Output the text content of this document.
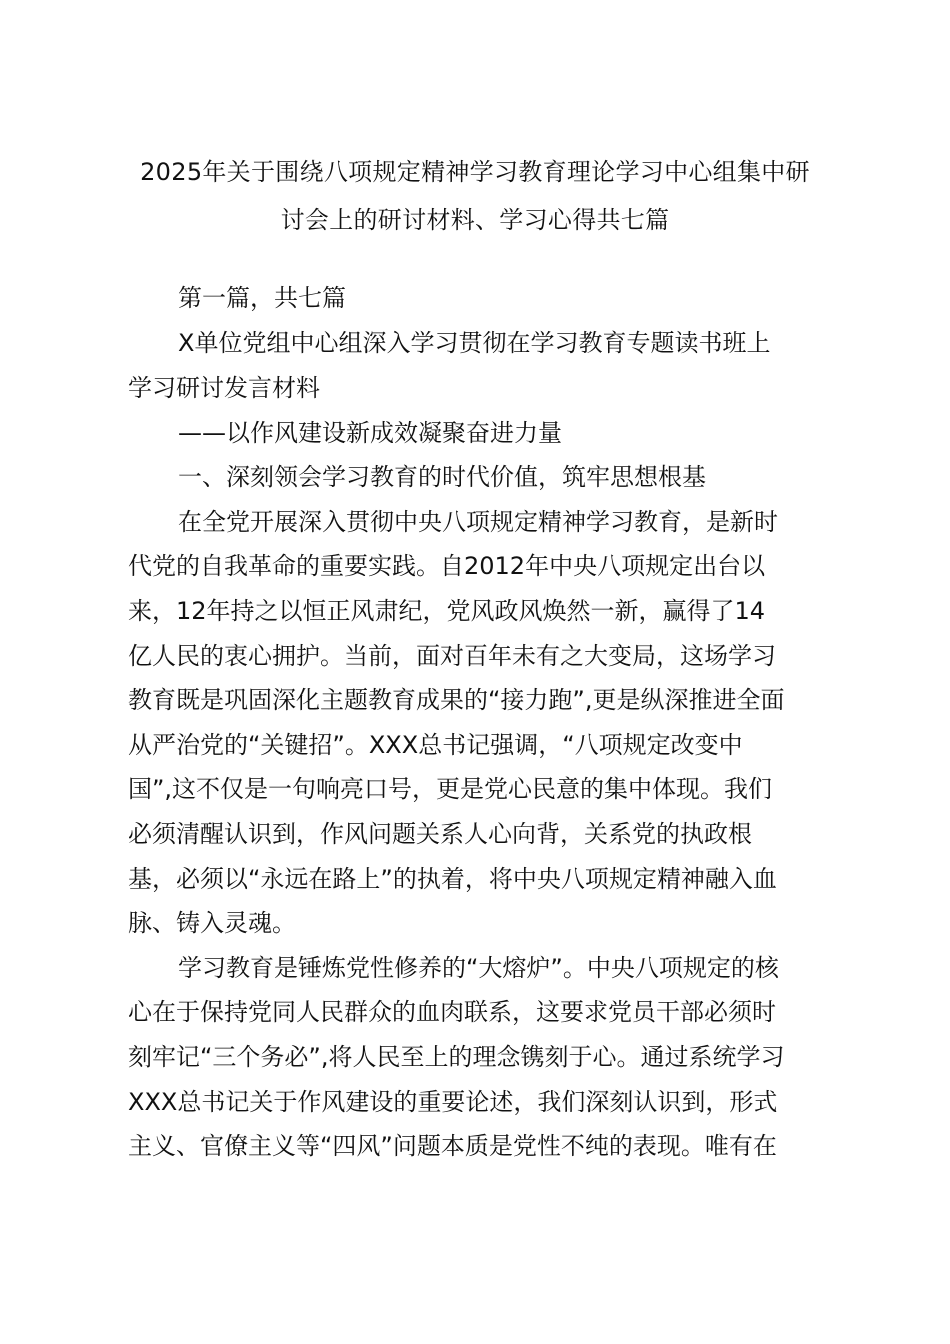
2025年关于围绕八项规定精神学习教育理论学习中心组集中研
讨会上的研讨材料、学习心得共七篇
第一篇，共七篇
X单位党组中心组深入学习贯彻在学习教育专题读书班上
学习研讨发言材料
——以作风建设新成效凝聚奋进力量
一、深刻领会学习教育的时代价值，筑牢思想根基
在全党开展深入贯彻中央八项规定精神学习教育，是新时
代党的自我革命的重要实践。自2012年中央八项规定出台以
来，12年持之以恒正风肃纪，党风政风焕然一新，赢得了14
亿人民的衷心拥护。当前，面对百年未有之大变局，这场学习
教育既是巩固深化主题教育成果的“接力跑”,更是纵深推进全面
从严治党的“关键招”。XXX总书记强调，“八项规定改变中
国”,这不仅是一句响亮口号，更是党心民意的集中体现。我们
必须清醒认识到，作风问题关系人心向背，关系党的执政根
基，必须以“永远在路上”的执着，将中央八项规定精神融入血
脉、铸入灵魂。
学习教育是锤炼党性修养的“大熔炉”。中央八项规定的核
心在于保持党同人民群众的血肉联系，这要求党员干部必须时
刻牢记“三个务必”,将人民至上的理念镌刻于心。通过系统学习
XXX总书记关于作风建设的重要论述，我们深刻认识到，形式
主义、官僚主义等“四风”问题本质是党性不纯的表现。唯有在
